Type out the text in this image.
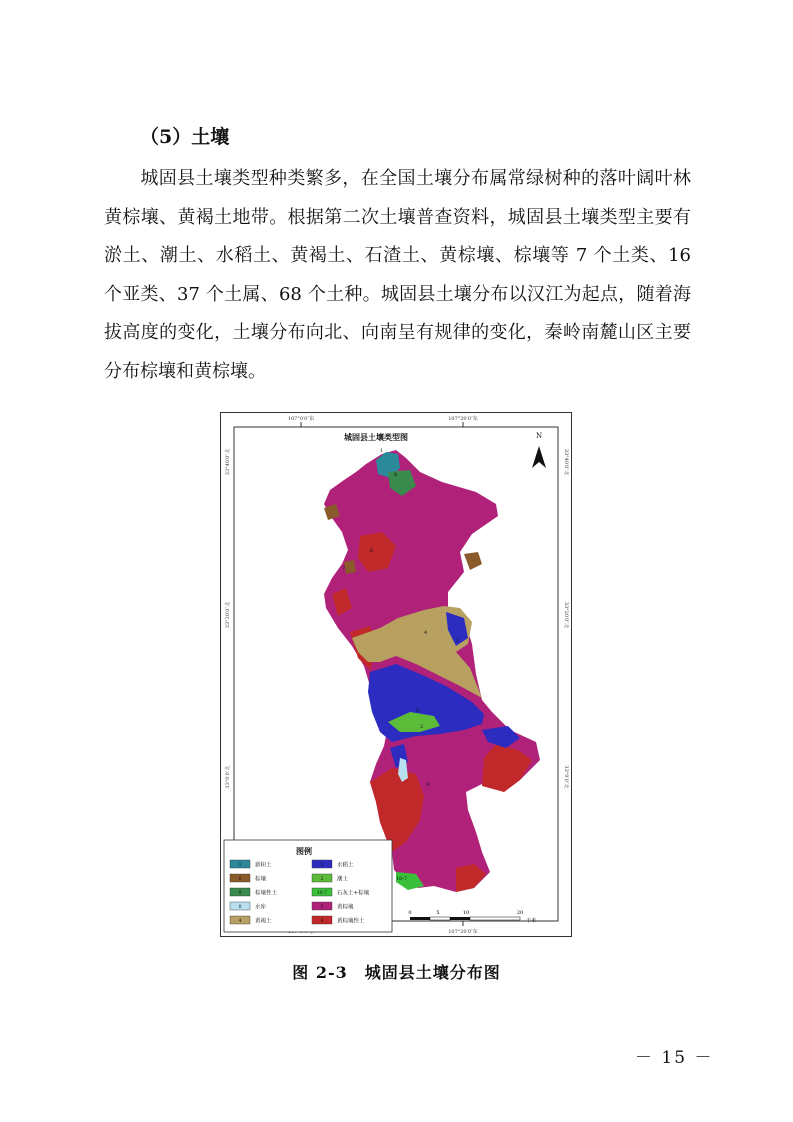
（5）土壤
城固县土壤类型种类繁多，在全国土壤分布属常绿树种的落叶阔叶林黄棕壤、黄褐土地带。根据第二次土壤普查资料，城固县土壤类型主要有淤土、潮土、水稻土、黄褐土、石渣土、黄棕壤、棕壤等 7 个土类、16 个亚类、37 个土属、68 个土种。城固县土壤分布以汉江为起点，随着海拔高度的变化，土壤分布向北、向南呈有规律的变化，秦岭南麓山区主要分布棕壤和黄棕壤。
107°0′0″东	107°20′0″东
107°20′0″东
33°40′0″北
33°20′0″北
33°0′0″北
33°40′0″北
33°20′0″北
33°0′0″北
城固县土壤类型图	N
1
6
7
5
4
3
2
8
9
10-7
图例
1 新积土	3 水稻土
6 棕壤	2 潮土
8 棕壤性土	10-7 石灰土+棕壤
0 水库	5 黄棕壤
4 黄褐土	9 黄棕壤性土
0	5	10	20
千米
图 2-3　城固县土壤分布图
－ 15 －
